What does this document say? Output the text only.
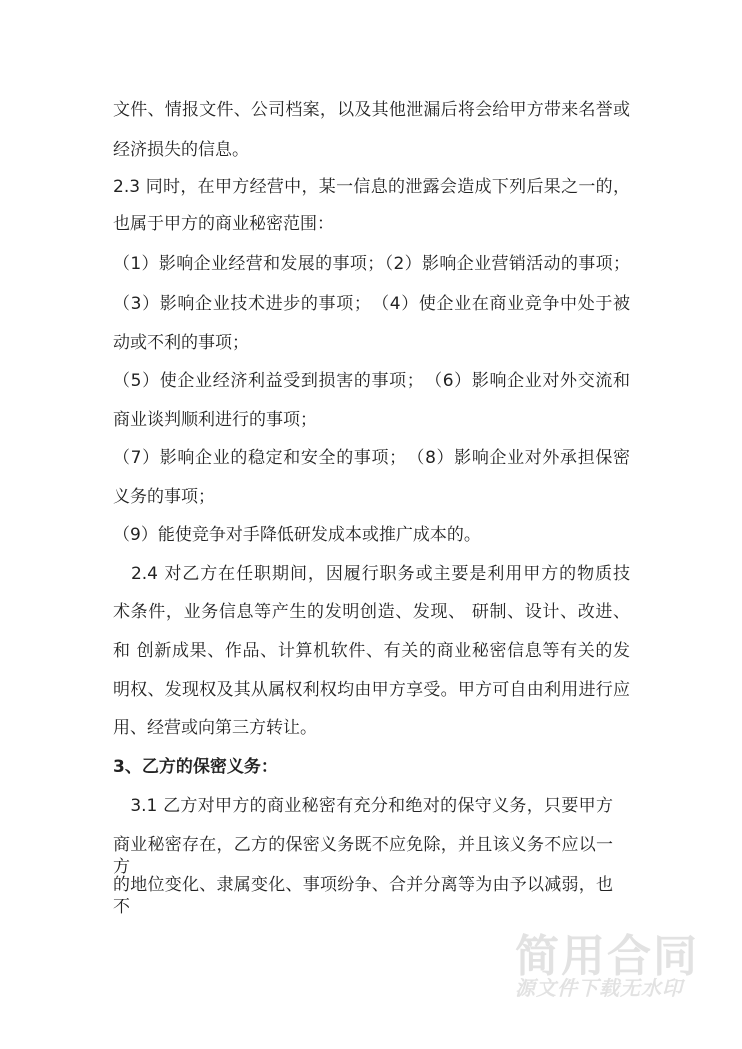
文件、情报文件、公司档案，以及其他泄漏后将会给甲方带来名誉或
经济损失的信息。
2.3 同时，在甲方经营中，某一信息的泄露会造成下列后果之一的，
也属于甲方的商业秘密范围：
（1）影响企业经营和发展的事项；（2）影响企业营销活动的事项；
（3）影响企业技术进步的事项；　（4）使企业在商业竞争中处于被
动或不利的事项；
（5）使企业经济利益受到损害的事项；　（6）影响企业对外交流和
商业谈判顺利进行的事项；
（7）影响企业的稳定和安全的事项；　（8）影响企业对外承担保密
义务的事项；
（9）能使竞争对手降低研发成本或推广成本的。
　2.4 对乙方在任职期间，因履行职务或主要是利用甲方的物质技
术条件，业务信息等产生的发明创造、发现、 研制、设计、改进、
和 创新成果、作品、计算机软件、有关的商业秘密信息等有关的发
明权、发现权及其从属权利权均由甲方享受。甲方可自由利用进行应
用、经营或向第三方转让。
3、乙方的保密义务：
　3.1 乙方对甲方的商业秘密有充分和绝对的保守义务，只要甲方
商业秘密存在，乙方的保密义务既不应免除，并且该义务不应以一方
的地位变化、隶属变化、事项纷争、合并分离等为由予以减弱，也不
简用合同
源文件下载无水印
